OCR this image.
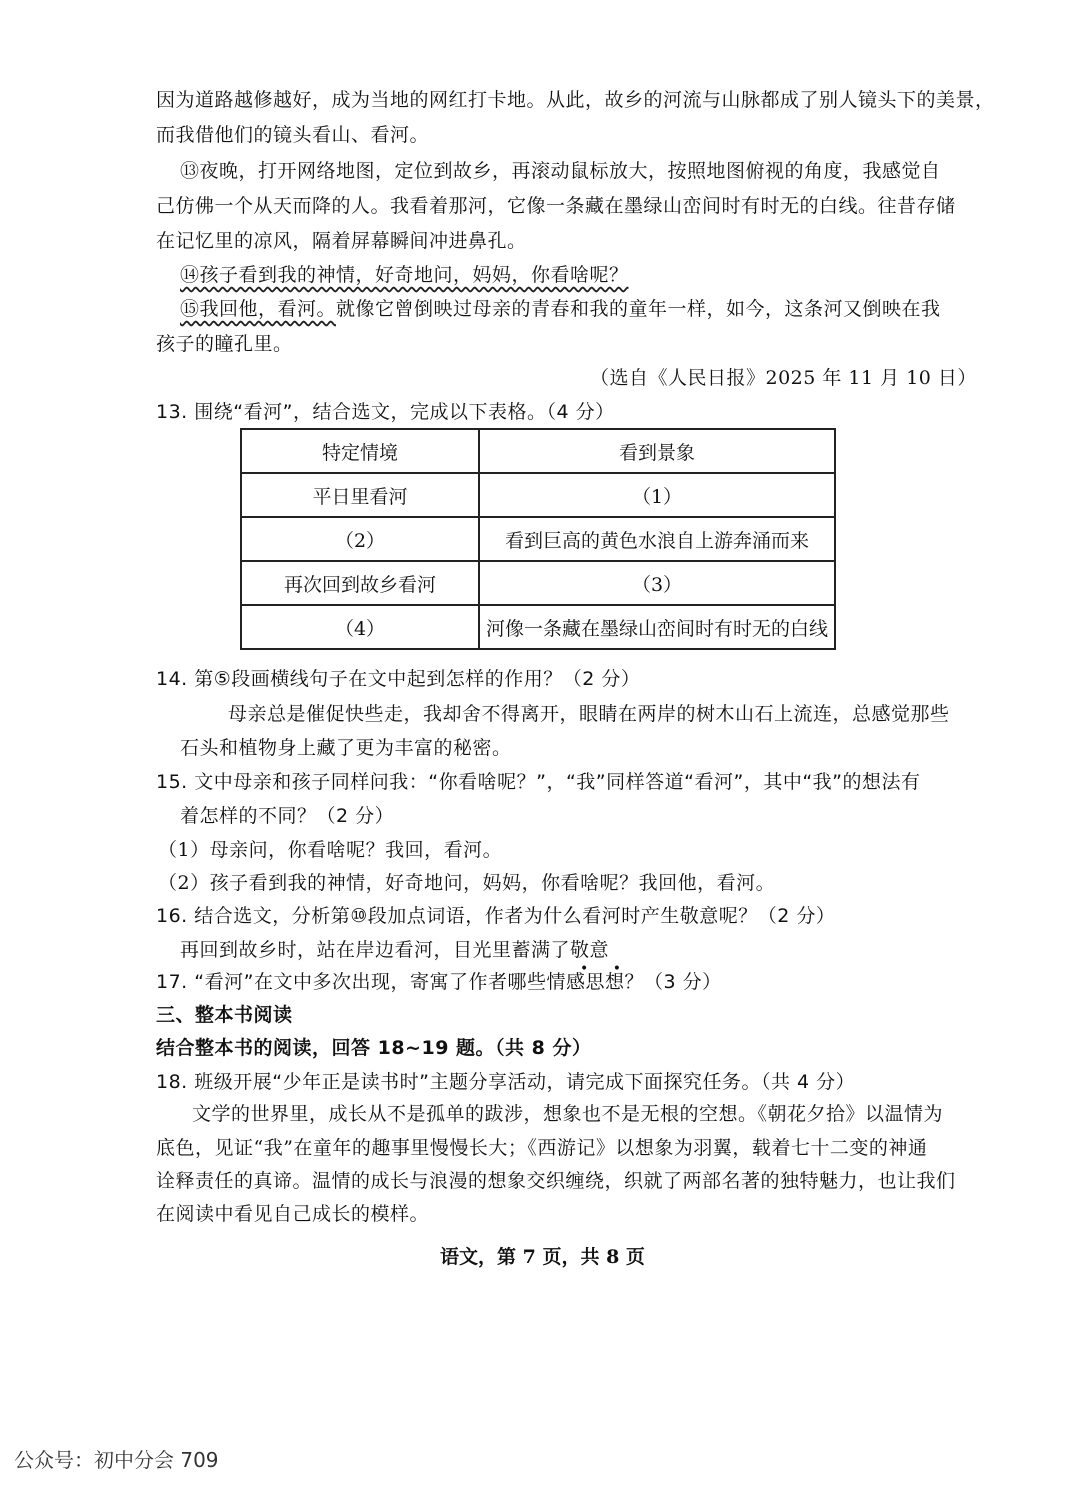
因为道路越修越好，成为当地的网红打卡地。从此，故乡的河流与山脉都成了别人镜头下的美景，
而我借他们的镜头看山、看河。
⑬夜晚，打开网络地图，定位到故乡，再滚动鼠标放大，按照地图俯视的角度，我感觉自
己仿佛一个从天而降的人。我看着那河，它像一条藏在墨绿山峦间时有时无的白线。往昔存储
在记忆里的凉风，隔着屏幕瞬间冲进鼻孔。
⑭孩子看到我的神情，好奇地问，妈妈，你看啥呢？
⑮我回他，看河。就像它曾倒映过母亲的青春和我的童年一样，如今，这条河又倒映在我
孩子的瞳孔里。
（选自《人民日报》2025 年 11 月 10 日）
13. 围绕“看河”，结合选文，完成以下表格。（4 分）
特定情境	看到景象
平日里看河	（1）
（2）	看到巨高的黄色水浪自上游奔涌而来
再次回到故乡看河	（3）
（4）	河像一条藏在墨绿山峦间时有时无的白线
14. 第⑤段画横线句子在文中起到怎样的作用？（2 分）
母亲总是催促快些走，我却舍不得离开，眼睛在两岸的树木山石上流连，总感觉那些
石头和植物身上藏了更为丰富的秘密。
15. 文中母亲和孩子同样问我：“你看啥呢？”，“我”同样答道“看河”，其中“我”的想法有
着怎样的不同？（2 分）
（1）母亲问，你看啥呢？我回，看河。
（2）孩子看到我的神情，好奇地问，妈妈，你看啥呢？我回他，看河。
16. 结合选文，分析第⑩段加点词语，作者为什么看河时产生敬意呢？（2 分）
再回到故乡时，站在岸边看河，目光里蓄满了敬意 • •
17. “看河”在文中多次出现，寄寓了作者哪些情感思想？（3 分）
三、整本书阅读
结合整本书的阅读，回答 18~19 题。（共 8 分）
18. 班级开展“少年正是读书时”主题分享活动，请完成下面探究任务。（共 4 分）
文学的世界里，成长从不是孤单的跋涉，想象也不是无根的空想。《朝花夕拾》以温情为
底色，见证“我”在童年的趣事里慢慢长大；《西游记》以想象为羽翼，载着七十二变的神通
诠释责任的真谛。温情的成长与浪漫的想象交织缠绕，织就了两部名著的独特魅力，也让我们
在阅读中看见自己成长的模样。
语文，第 7 页，共 8 页
公众号：初中分会 709
